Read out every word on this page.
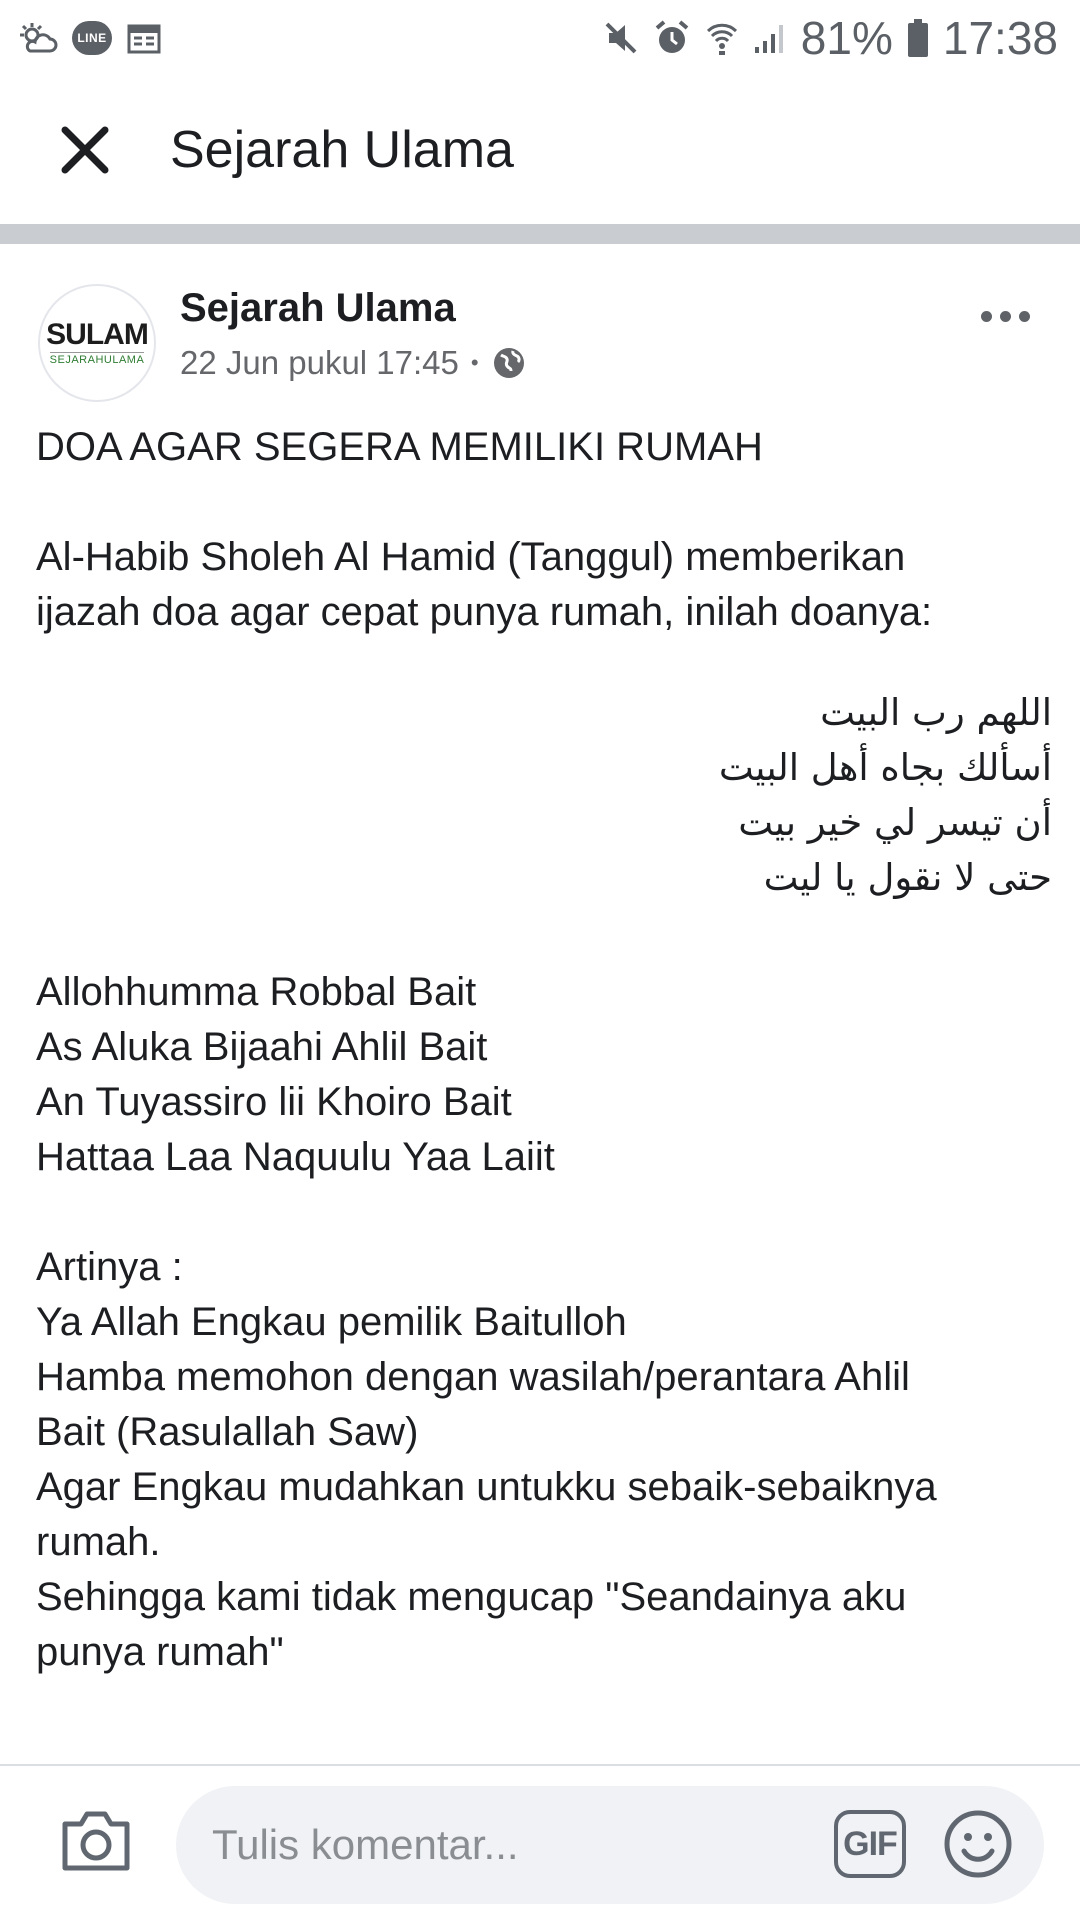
LINE	81% 17:38
Sejarah Ulama
SULAM
SEJARAHULAMA
Sejarah Ulama
22 Jun pukul 17:45 •

DOA AGAR SEGERA MEMILIKI RUMAH

Al-Habib Sholeh Al Hamid (Tanggul) memberikan

ijazah doa agar cepat punya rumah, inilah doanya:

اللهم رب البيت

أسألك بجاه أهل البيت

أن تيسر لي خير بيت

حتى لا نقول يا ليت

Allohhumma Robbal Bait

As Aluka Bijaahi Ahlil Bait

An Tuyassiro lii Khoiro Bait

Hattaa Laa Naquulu Yaa Laiit

Artinya :

Ya Allah Engkau pemilik Baitulloh

Hamba memohon dengan wasilah/perantara Ahlil

Bait (Rasulallah Saw)

Agar Engkau mudahkan untukku sebaik-sebaiknya

rumah.

Sehingga kami tidak mengucap "Seandainya aku

punya rumah"

Tulis komentar...
GIF
